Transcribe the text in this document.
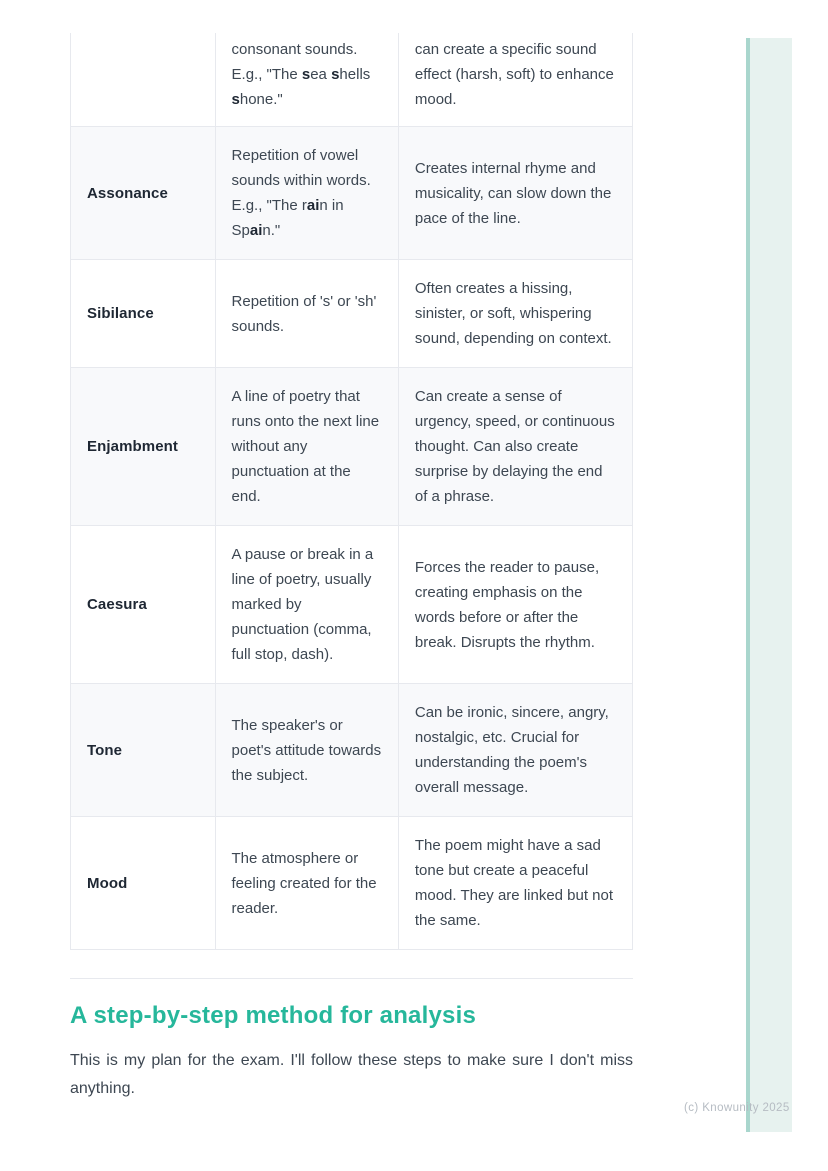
consonant sounds. E.g., "The sea shells shone."
can create a specific sound effect (harsh, soft) to enhance mood.
Assonance
Repetition of vowel sounds within words. E.g., "The rain in Spain."
Creates internal rhyme and musicality, can slow down the pace of the line.
Sibilance
Repetition of 's' or 'sh' sounds.
Often creates a hissing, sinister, or soft, whispering sound, depending on context.
Enjambment
A line of poetry that runs onto the next line without any punctuation at the end.
Can create a sense of urgency, speed, or continuous thought. Can also create surprise by delaying the end of a phrase.
Caesura
A pause or break in a line of poetry, usually marked by punctuation (comma, full stop, dash).
Forces the reader to pause, creating emphasis on the words before or after the break. Disrupts the rhythm.
Tone
The speaker's or poet's attitude towards the subject.
Can be ironic, sincere, angry, nostalgic, etc. Crucial for understanding the poem's overall message.
Mood
The atmosphere or feeling created for the reader.
The poem might have a sad tone but create a peaceful mood. They are linked but not the same.
A step-by-step method for analysis

This is my plan for the exam. I'll follow these steps to make sure I don't miss anything.

(c) Knowunity 2025
